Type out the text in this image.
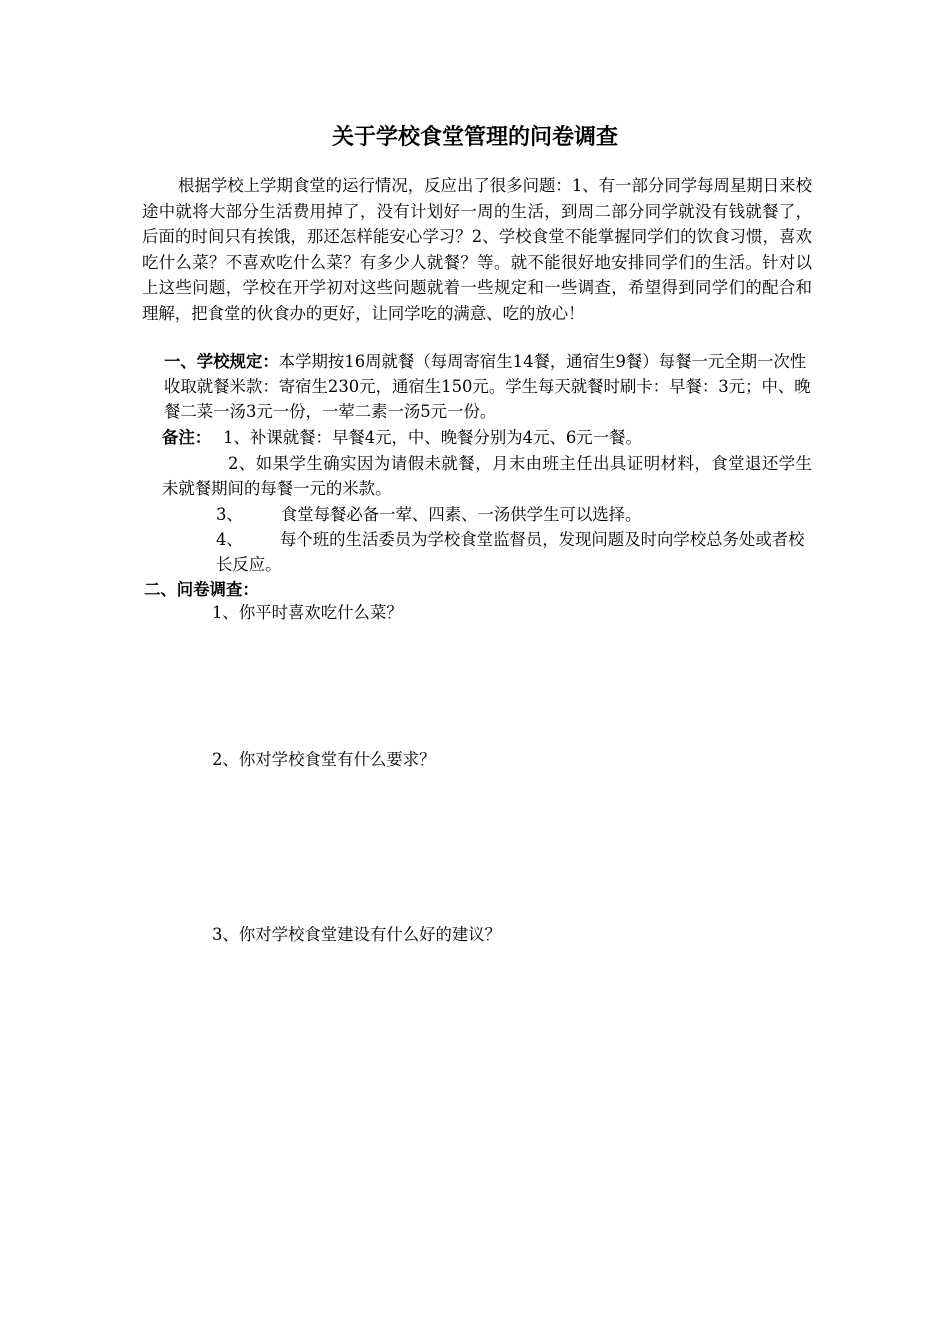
关于学校食堂管理的问卷调查

根据学校上学期食堂的运行情况，反应出了很多问题：1、有一部分同学每周星期日来校途中就将大部分生活费用掉了，没有计划好一周的生活，到周二部分同学就没有钱就餐了，后面的时间只有挨饿，那还怎样能安心学习？2、学校食堂不能掌握同学们的饮食习惯，喜欢吃什么菜？不喜欢吃什么菜？有多少人就餐？等。就不能很好地安排同学们的生活。针对以上这些问题，学校在开学初对这些问题就着一些规定和一些调查，希望得到同学们的配合和理解，把食堂的伙食办的更好，让同学吃的满意、吃的放心！

一、学校规定：本学期按16周就餐（每周寄宿生14餐，通宿生9餐）每餐一元全期一次性收取就餐米款：寄宿生230元，通宿生150元。学生每天就餐时刷卡：早餐：3元；中、晚餐二菜一汤3元一份，一荤二素一汤5元一份。

备注： 1、补课就餐：早餐4元，中、晚餐分别为4元、6元一餐。
2、如果学生确实因为请假未就餐，月末由班主任出具证明材料，食堂退还学生未就餐期间的每餐一元的米款。
3、 食堂每餐必备一荤、四素、一汤供学生可以选择。
4、 每个班的生活委员为学校食堂监督员，发现问题及时向学校总务处或者校长反应。
二、问卷调查：
1、你平时喜欢吃什么菜？
2、你对学校食堂有什么要求？
3、你对学校食堂建设有什么好的建议？
